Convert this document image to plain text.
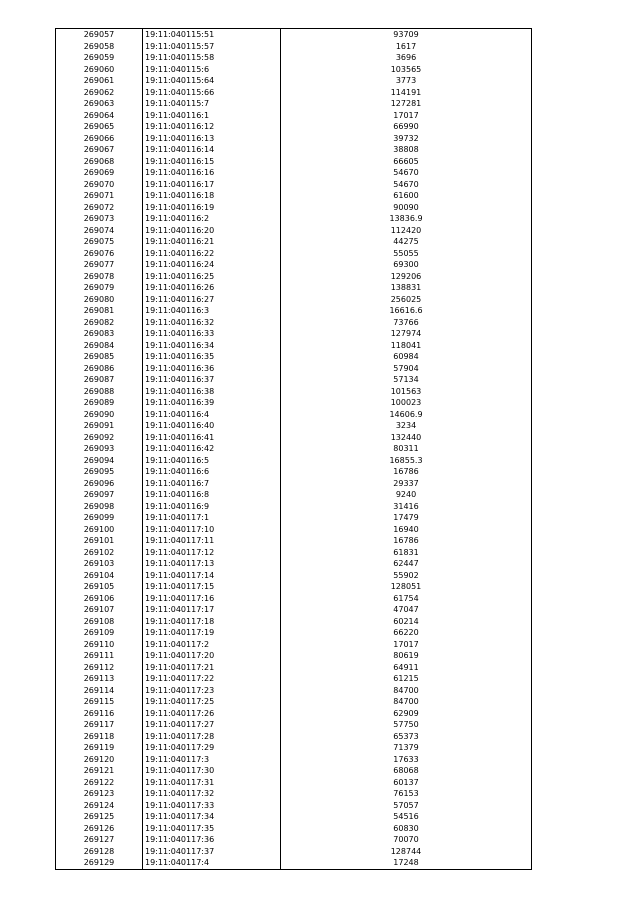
269057	19:11:040115:51	93709
269058	19:11:040115:57	1617
269059	19:11:040115:58	3696
269060	19:11:040115:6	103565
269061	19:11:040115:64	3773
269062	19:11:040115:66	114191
269063	19:11:040115:7	127281
269064	19:11:040116:1	17017
269065	19:11:040116:12	66990
269066	19:11:040116:13	39732
269067	19:11:040116:14	38808
269068	19:11:040116:15	66605
269069	19:11:040116:16	54670
269070	19:11:040116:17	54670
269071	19:11:040116:18	61600
269072	19:11:040116:19	90090
269073	19:11:040116:2	13836.9
269074	19:11:040116:20	112420
269075	19:11:040116:21	44275
269076	19:11:040116:22	55055
269077	19:11:040116:24	69300
269078	19:11:040116:25	129206
269079	19:11:040116:26	138831
269080	19:11:040116:27	256025
269081	19:11:040116:3	16616.6
269082	19:11:040116:32	73766
269083	19:11:040116:33	127974
269084	19:11:040116:34	118041
269085	19:11:040116:35	60984
269086	19:11:040116:36	57904
269087	19:11:040116:37	57134
269088	19:11:040116:38	101563
269089	19:11:040116:39	100023
269090	19:11:040116:4	14606.9
269091	19:11:040116:40	3234
269092	19:11:040116:41	132440
269093	19:11:040116:42	80311
269094	19:11:040116:5	16855.3
269095	19:11:040116:6	16786
269096	19:11:040116:7	29337
269097	19:11:040116:8	9240
269098	19:11:040116:9	31416
269099	19:11:040117:1	17479
269100	19:11:040117:10	16940
269101	19:11:040117:11	16786
269102	19:11:040117:12	61831
269103	19:11:040117:13	62447
269104	19:11:040117:14	55902
269105	19:11:040117:15	128051
269106	19:11:040117:16	61754
269107	19:11:040117:17	47047
269108	19:11:040117:18	60214
269109	19:11:040117:19	66220
269110	19:11:040117:2	17017
269111	19:11:040117:20	80619
269112	19:11:040117:21	64911
269113	19:11:040117:22	61215
269114	19:11:040117:23	84700
269115	19:11:040117:25	84700
269116	19:11:040117:26	62909
269117	19:11:040117:27	57750
269118	19:11:040117:28	65373
269119	19:11:040117:29	71379
269120	19:11:040117:3	17633
269121	19:11:040117:30	68068
269122	19:11:040117:31	60137
269123	19:11:040117:32	76153
269124	19:11:040117:33	57057
269125	19:11:040117:34	54516
269126	19:11:040117:35	60830
269127	19:11:040117:36	70070
269128	19:11:040117:37	128744
269129	19:11:040117:4	17248
